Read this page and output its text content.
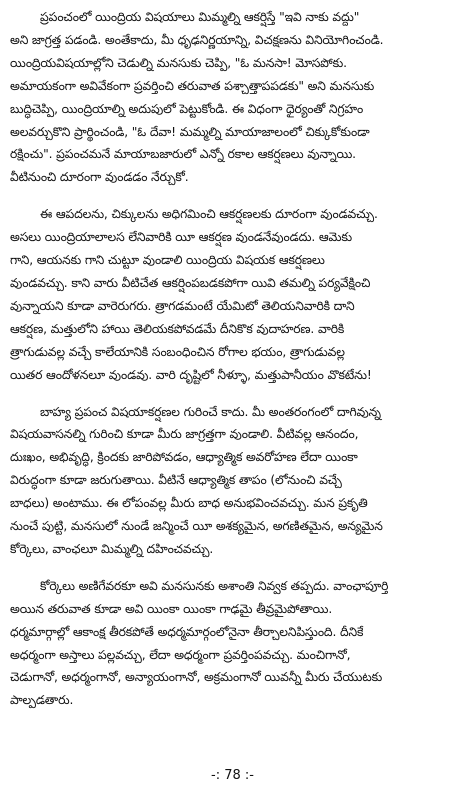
ప్రపంచంలో యింద్రియ విషయాలు మిమ్మల్ని ఆకర్షిస్తే "ఇవి నాకు వద్దు"
అని జాగ్రత్త పడండి. అంతేకాదు, మీ ధృఢనిర్ణయాన్ని, విచక్షణను వినియోగించండి.
యింద్రియవిషయాల్లోని చెడుల్ని మనసుకు చెప్పి, "ఓ మనసా! మోసపోకు.
అమాయకంగా అవివేకంగా ప్రవర్తించి తరువాత పశ్చాత్తాపపడకు" అని మనసుకు
బుద్ధిచెప్పి, యింద్రియాల్ని అదుపులో పెట్టుకోండి. ఈ విధంగా ధైర్యంతో నిగ్రహం
అలవర్చుకొని ప్రార్థించండి, "ఓ దేవా! మమ్మల్ని మాయాజాలంలో చిక్కుకోకుండా
రక్షించు". ప్రపంచమనే మాయాబజారులో ఎన్నో రకాల ఆకర్షణలు వున్నాయి.
వీటినుంచి దూరంగా వుండడం నేర్చుకో.
ఈ ఆపదలను, చిక్కులను అధిగమించి ఆకర్షణలకు దూరంగా వుండవచ్చు.
అసలు యింద్రియాలాలస లేనివారికి యీ ఆకర్షణ వుండనేవుండదు. ఆమెకు
గాని, ఆయనకు గాని చుట్టూ వుండాలి యింద్రియ విషయక ఆకర్షణలు
వుండవచ్చు. కాని వారు వీటిచేత ఆకర్షింపబడకపోగా యివి తమల్ని పర్యవేక్షించి
వున్నాయని కూడా వారెరుగరు. త్రాగడమంటే యేమిటో తెలియనివారికి దాని
ఆకర్షణ, మత్తులోని హాయి తెలియకపోవడమే దీనికొక వుదాహరణ. వారికి
త్రాగుడువల్ల వచ్చే కాలేయానికి సంబంధించిన రోగాల భయం, త్రాగుడువల్ల
యితర ఆందోళనలూ వుండవు. వారి దృష్టిలో నీళ్ళూ, మత్తుపానీయం వొకటేను!
బాహ్య ప్రపంచ విషయాకర్షణల గురించే కాదు. మీ అంతరంగంలో దాగివున్న
విషయవాసనల్ని గురించి కూడా మీరు జాగ్రత్తగా వుండాలి. వీటివల్ల ఆనందం,
దుఃఖం, అభివృద్ధి, క్రిందకు జారిపోవడం, ఆధ్యాత్మిక అవరోహణ లేదా యింకా
విరుద్ధంగా కూడా జరుగుతాయి. వీటినే ఆధ్యాత్మిక తాపం (లోనుంచి వచ్చే
బాధలు) అంటాము. ఈ లోపంవల్ల మీరు బాధ అనుభవించవచ్చు. మన ప్రకృతి
నుంచే పుట్టి, మనసులో నుండే జన్మించే యీ అశక్యమైన, అగణితమైన, అన్యమైన
కోర్కెలు, వాంఛలూ మిమ్మల్ని దహించవచ్చు.
కోర్కెలు అణిగేవరకూ అవి మనసునకు అశాంతి నివ్వక తప్పదు. వాంఛాపూర్తి
అయిన తరువాత కూడా అవి యింకా యింకా గాఢమై తీవ్రమైపోతాయి.
ధర్మమార్గాల్లో ఆకాంక్ష తీరకపోతే అధర్మమార్గంలోనైనా తీర్చాలనిపిస్తుంది. దీనికే
అధర్మంగా అస్తాలు పల్లవచ్చు, లేదా అధర్మంగా ప్రవర్తింపవచ్చు. మంచిగానో,
చెడుగానో, అధర్మంగానో, అన్యాయంగానో, అక్రమంగానో యివన్నీ మీరు చేయుటకు
పాల్పడతారు.
-: 78 :-
